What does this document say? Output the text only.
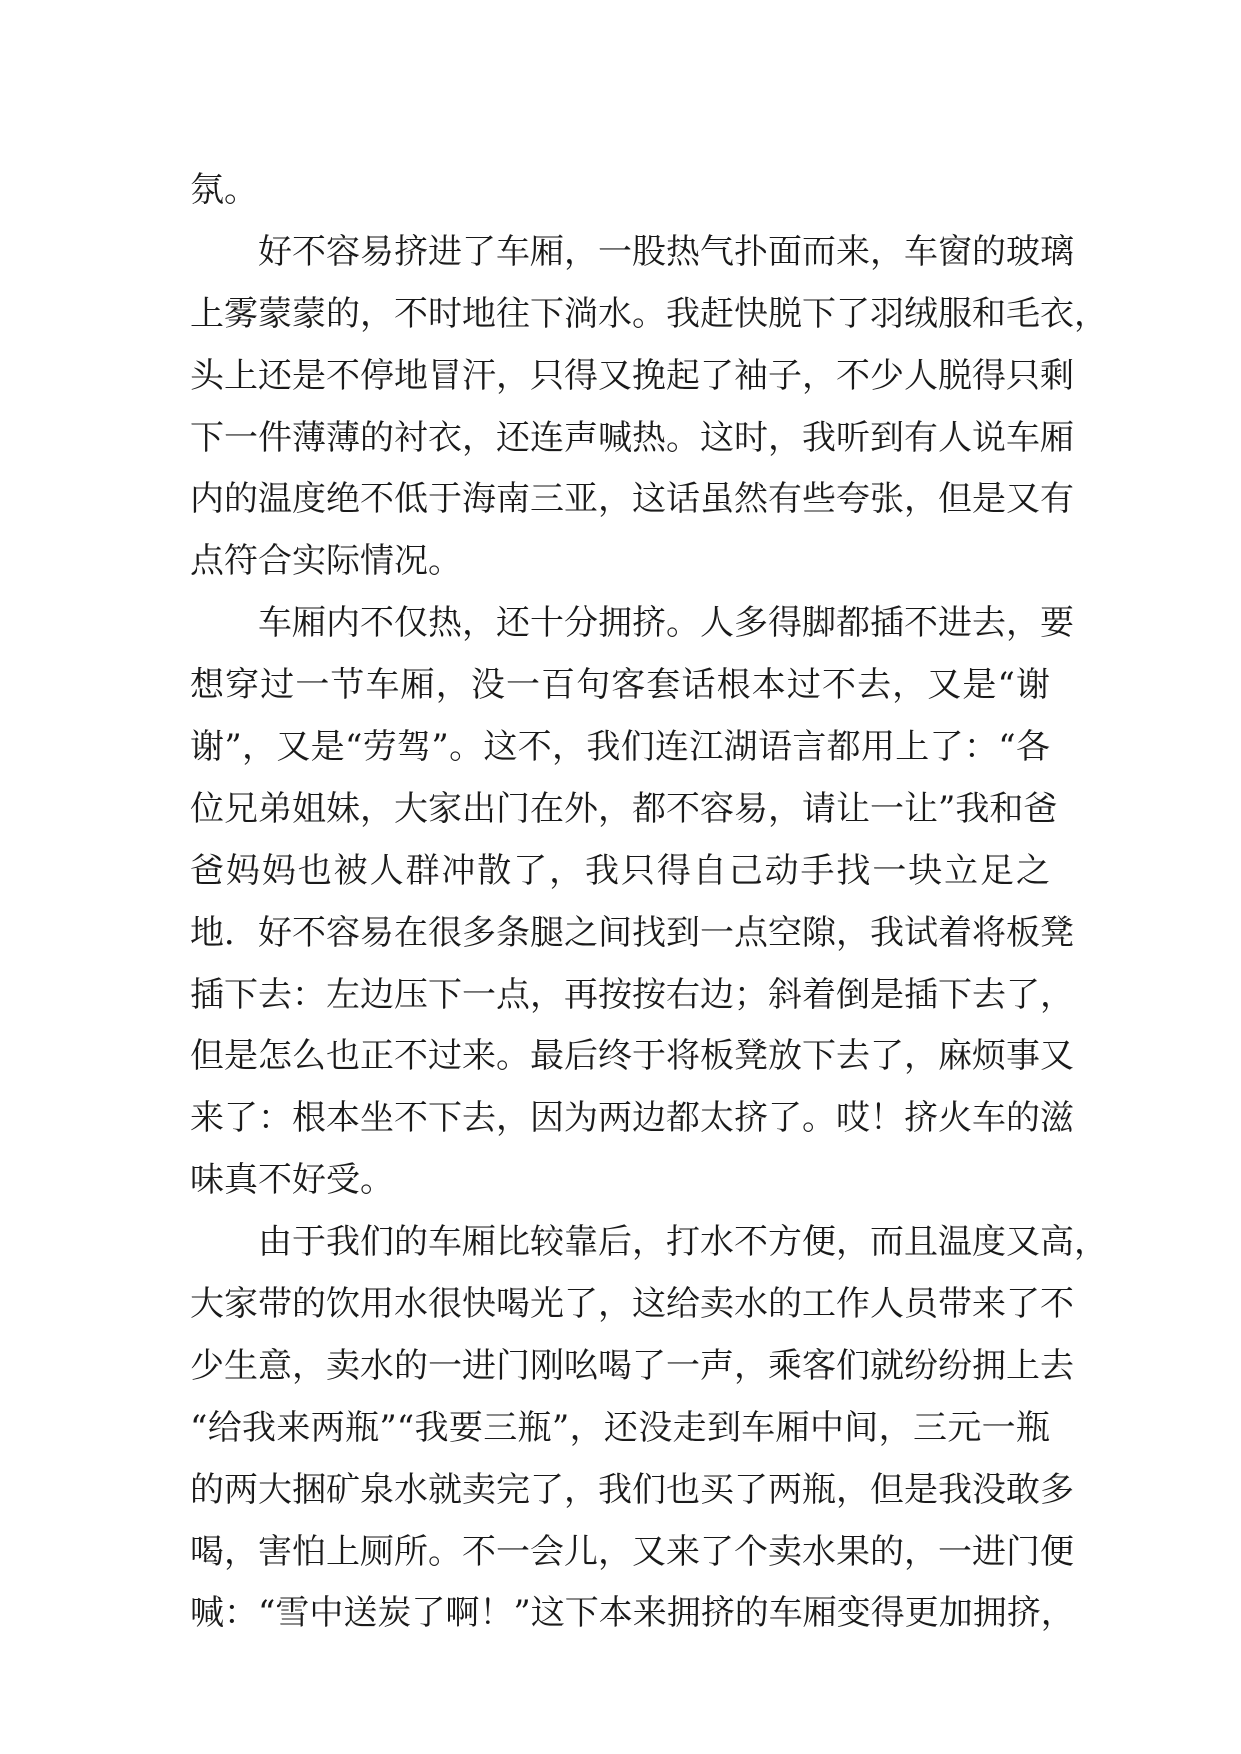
氛。
好不容易挤进了车厢，一股热气扑面而来，车窗的玻璃
上雾蒙蒙的，不时地往下淌水。我赶快脱下了羽绒服和毛衣，
头上还是不停地冒汗，只得又挽起了袖子，不少人脱得只剩
下一件薄薄的衬衣，还连声喊热。这时，我听到有人说车厢
内的温度绝不低于海南三亚，这话虽然有些夸张，但是又有
点符合实际情况。
车厢内不仅热，还十分拥挤。人多得脚都插不进去，要
想穿过一节车厢，没一百句客套话根本过不去，又是“谢
谢”，又是“劳驾”。这不，我们连江湖语言都用上了：“各
位兄弟姐妹，大家出门在外，都不容易，请让一让”我和爸
爸妈妈也被人群冲散了，我只得自己动手找一块立足之
地．好不容易在很多条腿之间找到一点空隙，我试着将板凳
插下去：左边压下一点，再按按右边；斜着倒是插下去了，
但是怎么也正不过来。最后终于将板凳放下去了，麻烦事又
来了：根本坐不下去，因为两边都太挤了。哎！挤火车的滋
味真不好受。
由于我们的车厢比较靠后，打水不方便，而且温度又高，
大家带的饮用水很快喝光了，这给卖水的工作人员带来了不
少生意，卖水的一进门刚吆喝了一声，乘客们就纷纷拥上去
“给我来两瓶”“我要三瓶”，还没走到车厢中间，三元一瓶
的两大捆矿泉水就卖完了，我们也买了两瓶，但是我没敢多
喝，害怕上厕所。不一会儿，又来了个卖水果的，一进门便
喊：“雪中送炭了啊！”这下本来拥挤的车厢变得更加拥挤，
